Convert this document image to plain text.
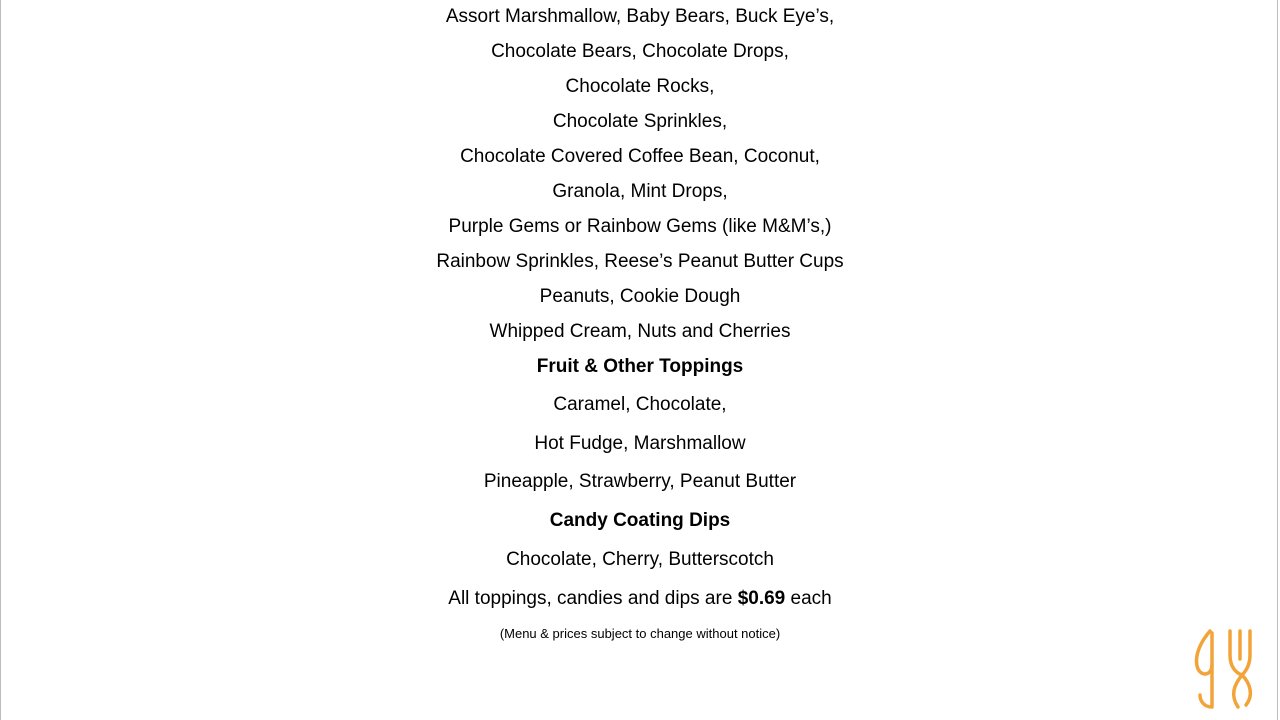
Assort Marshmallow, Baby Bears, Buck Eye’s,
Chocolate Bears, Chocolate Drops,
Chocolate Rocks,
Chocolate Sprinkles,
Chocolate Covered Coffee Bean, Coconut,
Granola, Mint Drops,
Purple Gems or Rainbow Gems (like M&M’s,)
Rainbow Sprinkles, Reese’s Peanut Butter Cups
Peanuts, Cookie Dough
Whipped Cream, Nuts and Cherries
Fruit & Other Toppings
Caramel, Chocolate,
Hot Fudge, Marshmallow
Pineapple, Strawberry, Peanut Butter
Candy Coating Dips
Chocolate, Cherry, Butterscotch
All toppings, candies and dips are $0.69 each
(Menu & prices subject to change without notice)
